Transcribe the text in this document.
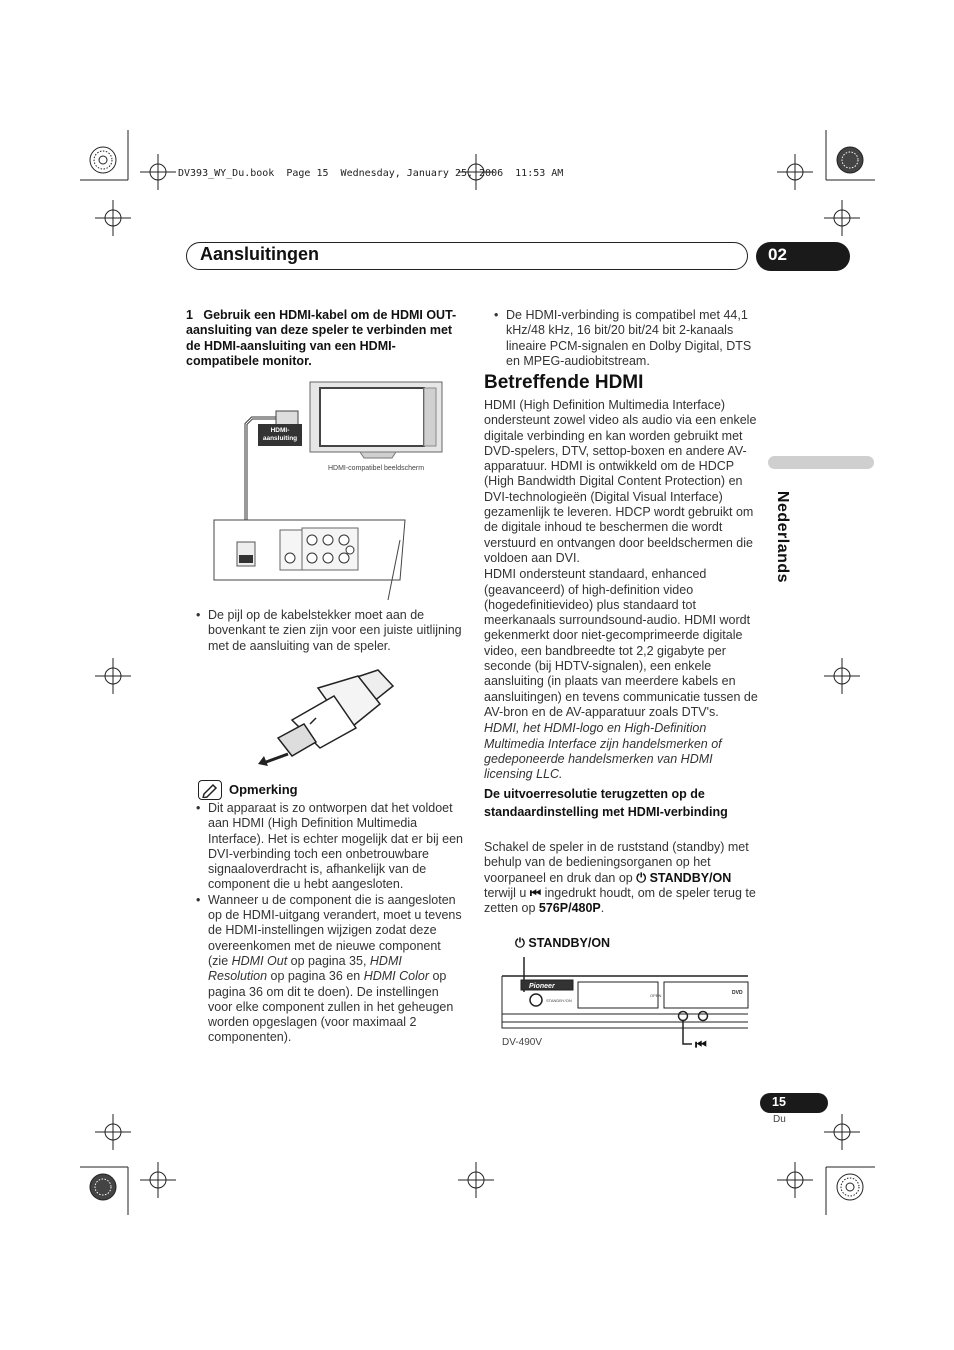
DV393_WY_Du.book  Page 15  Wednesday, January 25, 2006  11:53 AM
Aansluitingen	02
Nederlands
1 Gebruik een HDMI-kabel om de HDMI OUT-aansluiting van deze speler te verbinden met de HDMI-aansluiting van een HDMI-compatibele monitor.
HDMI-aansluiting
HDMI-compatibel beeldscherm
• De pijl op de kabelstekker moet aan de bovenkant te zien zijn voor een juiste uitlijning met de aansluiting van de speler.
Opmerking
• Dit apparaat is zo ontworpen dat het voldoet aan HDMI (High Definition Multimedia Interface). Het is echter mogelijk dat er bij een DVI-verbinding toch een onbetrouwbare signaaloverdracht is, afhankelijk van de component die u hebt aangesloten.
• Wanneer u de component die is aangesloten op de HDMI-uitgang verandert, moet u tevens de HDMI-instellingen wijzigen zodat deze overeenkomen met de nieuwe component (zie HDMI Out op pagina 35, HDMI Resolution op pagina 36 en HDMI Color op pagina 36 om dit te doen). De instellingen voor elke component zullen in het geheugen worden opgeslagen (voor maximaal 2 componenten).
• De HDMI-verbinding is compatibel met 44,1 kHz/48 kHz, 16 bit/20 bit/24 bit 2-kanaals lineaire PCM-signalen en Dolby Digital, DTS en MPEG-audiobitstream.
Betreffende HDMI
HDMI (High Definition Multimedia Interface) ondersteunt zowel video als audio via een enkele digitale verbinding en kan worden gebruikt met DVD-spelers, DTV, settop-boxen en andere AV-apparatuur. HDMI is ontwikkeld om de HDCP (High Bandwidth Digital Content Protection) en DVI-technologieën (Digital Visual Interface) gezamenlijk te leveren. HDCP wordt gebruikt om de digitale inhoud te beschermen die wordt verstuurd en ontvangen door beeldschermen die voldoen aan DVI.
HDMI ondersteunt standaard, enhanced (geavanceerd) of high-definition video (hogedefinitievideo) plus standaard tot meerkanaals surroundsound-audio. HDMI wordt gekenmerkt door niet-gecomprimeerde digitale video, een bandbreedte tot 2,2 gigabyte per seconde (bij HDTV-signalen), een enkele aansluiting (in plaats van meerdere kabels en aansluitingen) en tevens communicatie tussen de AV-bron en de AV-apparatuur zoals DTV's.
HDMI, het HDMI-logo en High-Definition Multimedia Interface zijn handelsmerken of gedeponeerde handelsmerken van HDMI licensing LLC.
De uitvoerresolutie terugzetten op de standaardinstelling met HDMI-verbinding
Schakel de speler in de ruststand (standby) met behulp van de bedieningsorganen op het voorpaneel en druk dan op ⏻ STANDBY/ON terwijl u ⏮ ingedrukt houdt, om de speler terug te zetten op 576P/480P.
⏻ STANDBY/ON
Pioneer
STANDBY/ON
OPEN	DVD
DV-490V	⏮
15
Du
